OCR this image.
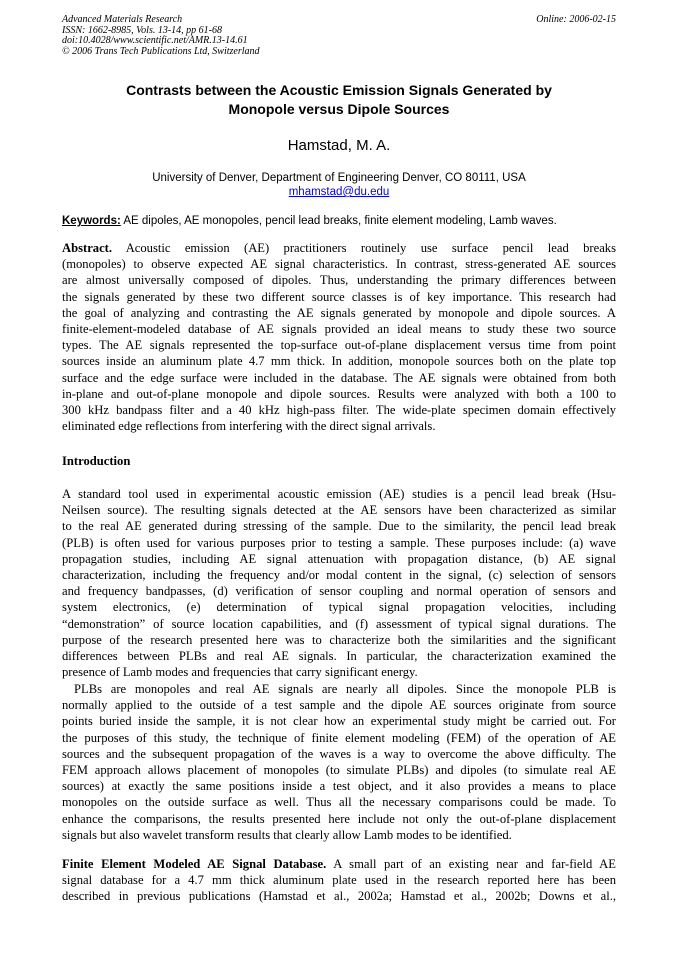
Advanced Materials Research
ISSN: 1662-8985, Vols. 13-14, pp 61-68
doi:10.4028/www.scientific.net/AMR.13-14.61
© 2006 Trans Tech Publications Ltd, Switzerland
Online: 2006-02-15
Contrasts between the Acoustic Emission Signals Generated by
Monopole versus Dipole Sources
Hamstad, M. A.
University of Denver, Department of Engineering Denver, CO 80111, USA
mhamstad@du.edu
Keywords: AE dipoles, AE monopoles, pencil lead breaks, finite element modeling, Lamb waves.
Abstract. Acoustic emission (AE) practitioners routinely use surface pencil lead breaks
(monopoles) to observe expected AE signal characteristics. In contrast, stress-generated AE sources
are almost universally composed of dipoles. Thus, understanding the primary differences between
the signals generated by these two different source classes is of key importance. This research had
the goal of analyzing and contrasting the AE signals generated by monopole and dipole sources. A
finite-element-modeled database of AE signals provided an ideal means to study these two source
types. The AE signals represented the top-surface out-of-plane displacement versus time from point
sources inside an aluminum plate 4.7 mm thick. In addition, monopole sources both on the plate top
surface and the edge surface were included in the database. The AE signals were obtained from both
in-plane and out-of-plane monopole and dipole sources. Results were analyzed with both a 100 to
300 kHz bandpass filter and a 40 kHz high-pass filter. The wide-plate specimen domain effectively
eliminated edge reflections from interfering with the direct signal arrivals.
Introduction
A standard tool used in experimental acoustic emission (AE) studies is a pencil lead break (Hsu-
Neilsen source). The resulting signals detected at the AE sensors have been characterized as similar
to the real AE generated during stressing of the sample. Due to the similarity, the pencil lead break
(PLB) is often used for various purposes prior to testing a sample. These purposes include: (a) wave
propagation studies, including AE signal attenuation with propagation distance, (b) AE signal
characterization, including the frequency and/or modal content in the signal, (c) selection of sensors
and frequency bandpasses, (d) verification of sensor coupling and normal operation of sensors and
system electronics, (e) determination of typical signal propagation velocities, including
“demonstration” of source location capabilities, and (f) assessment of typical signal durations. The
purpose of the research presented here was to characterize both the similarities and the significant
differences between PLBs and real AE signals. In particular, the characterization examined the
presence of Lamb modes and frequencies that carry significant energy.
PLBs are monopoles and real AE signals are nearly all dipoles. Since the monopole PLB is
normally applied to the outside of a test sample and the dipole AE sources originate from source
points buried inside the sample, it is not clear how an experimental study might be carried out. For
the purposes of this study, the technique of finite element modeling (FEM) of the operation of AE
sources and the subsequent propagation of the waves is a way to overcome the above difficulty. The
FEM approach allows placement of monopoles (to simulate PLBs) and dipoles (to simulate real AE
sources) at exactly the same positions inside a test object, and it also provides a means to place
monopoles on the outside surface as well. Thus all the necessary comparisons could be made. To
enhance the comparisons, the results presented here include not only the out-of-plane displacement
signals but also wavelet transform results that clearly allow Lamb modes to be identified.
Finite Element Modeled AE Signal Database. A small part of an existing near and far-field AE
signal database for a 4.7 mm thick aluminum plate used in the research reported here has been
described in previous publications (Hamstad et al., 2002a; Hamstad et al., 2002b; Downs et al.,
